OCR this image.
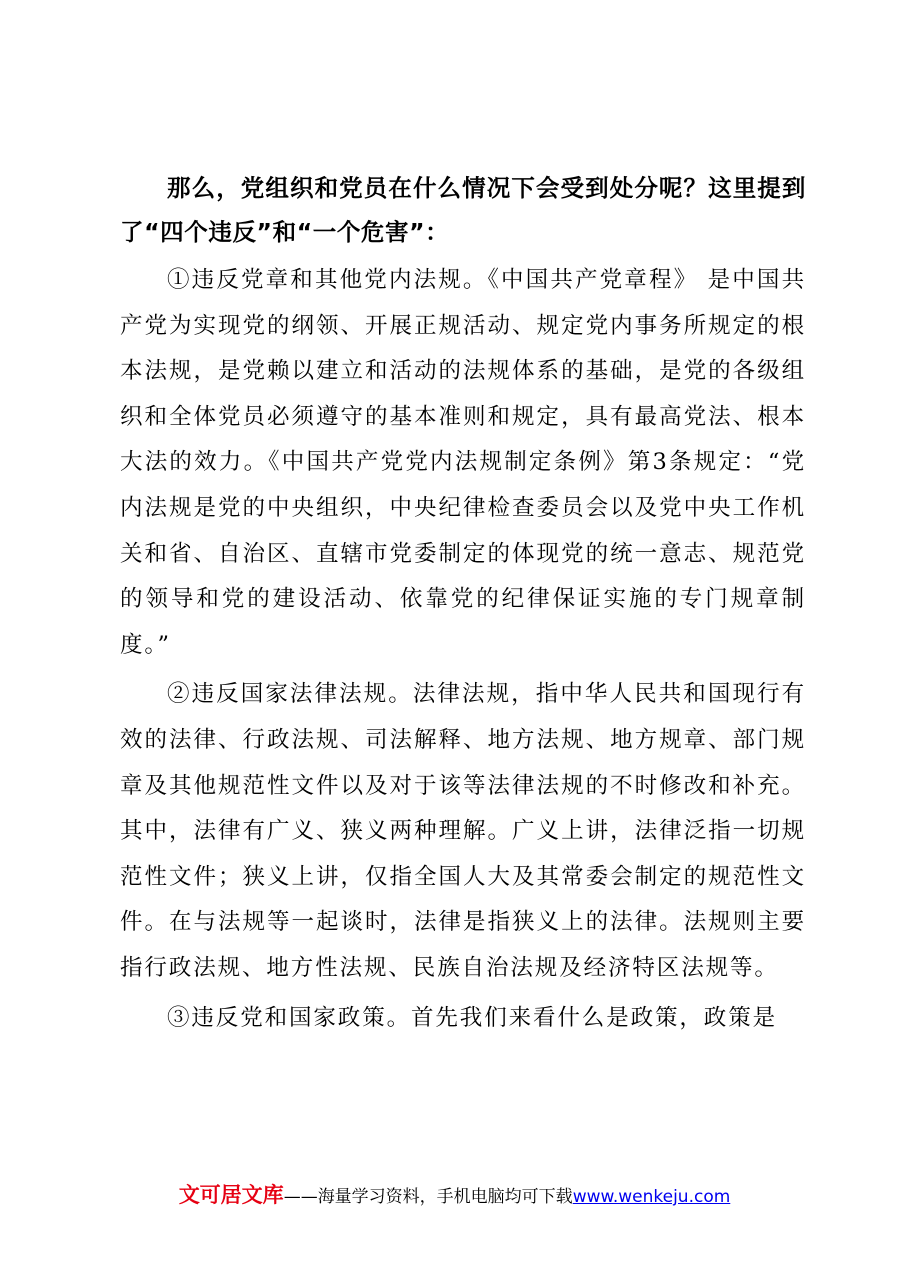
那么，党组织和党员在什么情况下会受到处分呢？这里提到了“四个违反”和“一个危害”：

①违反党章和其他党内法规。《中国共产党章程》 是中国共产党为实现党的纲领、开展正规活动、规定党内事务所规定的根本法规，是党赖以建立和活动的法规体系的基础，是党的各级组织和全体党员必须遵守的基本准则和规定，具有最高党法、根本大法的效力。《中国共产党党内法规制定条例》第3条规定：“党内法规是党的中央组织，中央纪律检查委员会以及党中央工作机关和省、自治区、直辖市党委制定的体现党的统一意志、规范党的领导和党的建设活动、依靠党的纪律保证实施的专门规章制度。”

②违反国家法律法规。法律法规，指中华人民共和国现行有效的法律、行政法规、司法解释、地方法规、地方规章、部门规章及其他规范性文件以及对于该等法律法规的不时修改和补充。其中，法律有广义、狭义两种理解。广义上讲，法律泛指一切规范性文件；狭义上讲，仅指全国人大及其常委会制定的规范性文件。在与法规等一起谈时，法律是指狭义上的法律。法规则主要指行政法规、地方性法规、民族自治法规及经济特区法规等。

③违反党和国家政策。首先我们来看什么是政策，政策是

文可居文库——海量学习资料，手机电脑均可下载www.wenkeju.com
